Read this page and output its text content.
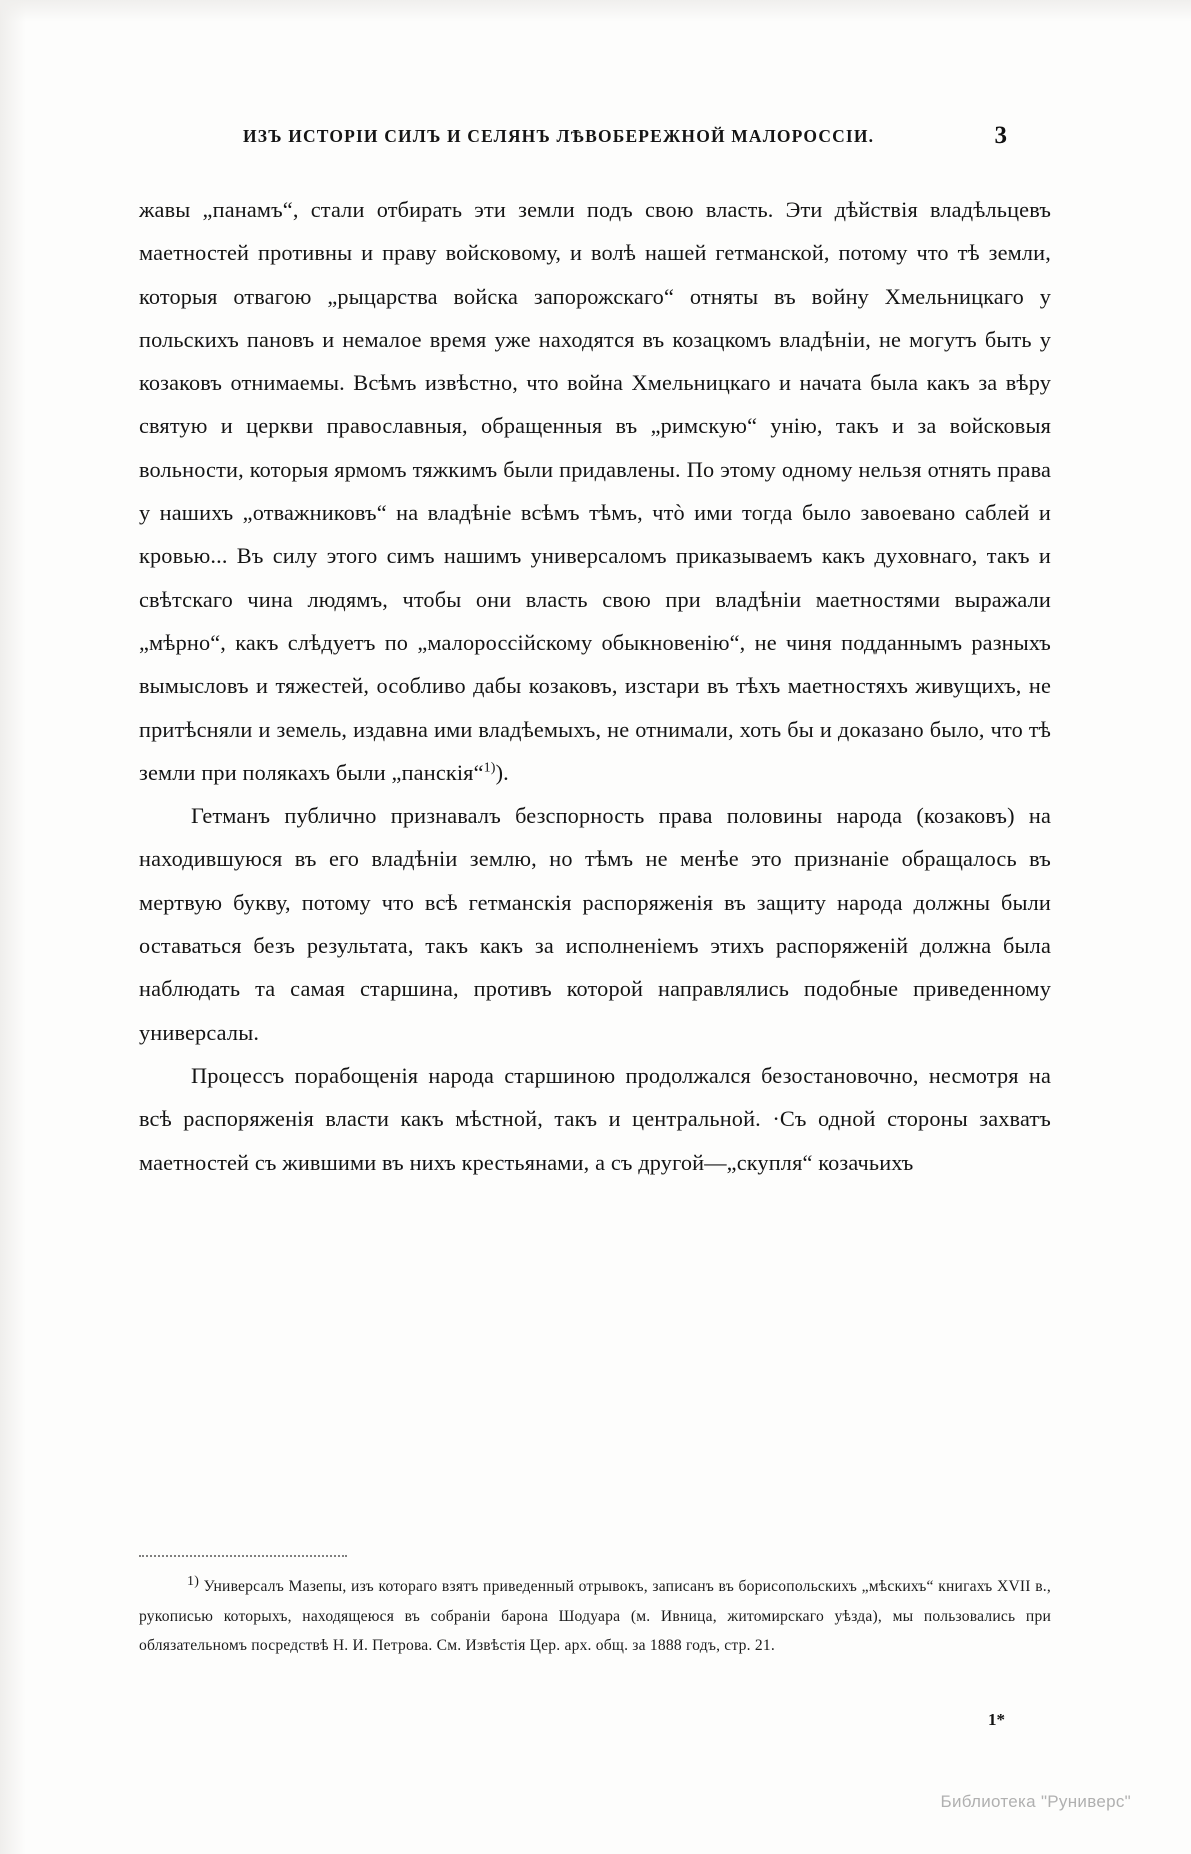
ИЗЪ ИСТОРІИ СИЛЪ И СЕЛЯНЪ ЛѢВОБЕРЕЖНОЙ МАЛОРОССІИ.	3

жавы „панамъ“, стали отбирать эти земли подъ свою власть. Эти дѣйствія владѣльцевъ маетностей противны и праву войсковому, и волѣ нашей гетманской, потому что тѣ земли, которыя отвагою „рыцарства войска запорожскаго“ отняты въ войну Хмельницкаго у польскихъ пановъ и немалое время уже находятся въ козацкомъ владѣніи, не могутъ быть у козаковъ отнимаемы. Всѣмъ извѣстно, что война Хмельницкаго и начата была какъ за вѣру святую и церкви православныя, обращенныя въ „римскую“ унію, такъ и за войсковыя вольности, которыя ярмомъ тяжкимъ были придавлены. По этому одному нельзя отнять права у нашихъ „отважниковъ“ на владѣніе всѣмъ тѣмъ, чтò ими тогда было завоевано саблей и кровью... Въ силу этого симъ нашимъ универсаломъ приказываемъ какъ духовнаго, такъ и свѣтскаго чина людямъ, чтобы они власть свою при владѣніи маетностями выражали „мѣрно“, какъ слѣдуетъ по „малороссійскому обыкновенію“, не чиня подданнымъ разныхъ вымысловъ и тяжестей, особливо дабы козаковъ, изстари въ тѣхъ маетностяхъ живущихъ, не притѣсняли и земель, издавна ими владѣемыхъ, не отнимали, хоть бы и доказано было, что тѣ земли при полякахъ были „панскія“$^{1)}$).

Гетманъ публично признавалъ безспорность права половины народа (козаковъ) на находившуюся въ его владѣніи землю, но тѣмъ не менѣе это признаніе обращалось въ мертвую букву, потому что всѣ гетманскія распоряженія въ защиту народа должны были оставаться безъ результата, такъ какъ за исполненіемъ этихъ распоряженій должна была наблюдать та самая старшина, противъ которой направлялись подобные приведенному универсалы.

Процессъ порабощенія народа старшиною продолжался безостановочно, несмотря на всѣ распоряженія власти какъ мѣстной, такъ и центральной. ·Съ одной стороны захватъ маетностей съ жившими въ нихъ крестьянами, а съ другой—„скупля“ козачьихъ

$^{1)}$ Универсалъ Мазепы, изъ котораго взятъ приведенный отрывокъ, записанъ въ борисопольскихъ „мѣскихъ“ книгахъ XVII в., рукописью которыхъ, находящеюся въ собраніи барона Шодуара (м. Ивница, житомирскаго уѣзда), мы пользовались при облязательномъ посредствѣ Н. И. Петрова. См. Извѣстія Цер. арх. общ. за 1888 годъ, стр. 21.
1*
Библиотека "Руниверс"
